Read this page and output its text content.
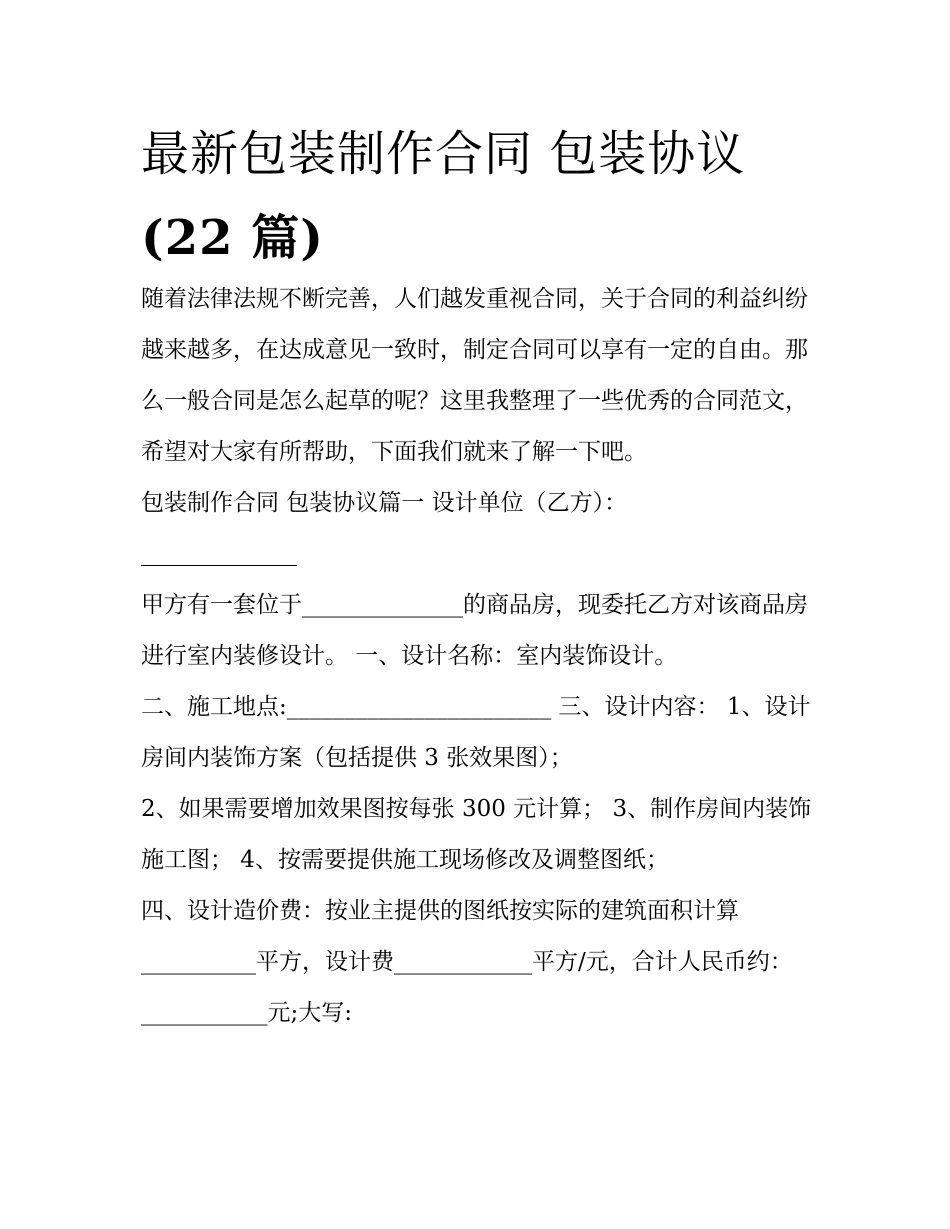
最新包装制作合同 包装协议
(22 篇)

随着法律法规不断完善，人们越发重视合同，关于合同的利益纠纷越来越多，在达成意见一致时，制定合同可以享有一定的自由。那么一般合同是怎么起草的呢？这里我整理了一些优秀的合同范文，希望对大家有所帮助，下面我们就来了解一下吧。

包装制作合同 包装协议篇一 设计单位（乙方）：

甲方有一套位于______________的商品房，现委托乙方对该商品房进行室内装修设计。 一、设计名称：室内装饰设计。

二、施工地点:_______________________ 三、设计内容： 1、设计房间内装饰方案（包括提供 3 张效果图）；

2、如果需要增加效果图按每张 300 元计算； 3、制作房间内装饰施工图； 4、按需要提供施工现场修改及调整图纸；

四、设计造价费：按业主提供的图纸按实际的建筑面积计算__________平方，设计费____________平方/元，合计人民币约：___________元;大写:
